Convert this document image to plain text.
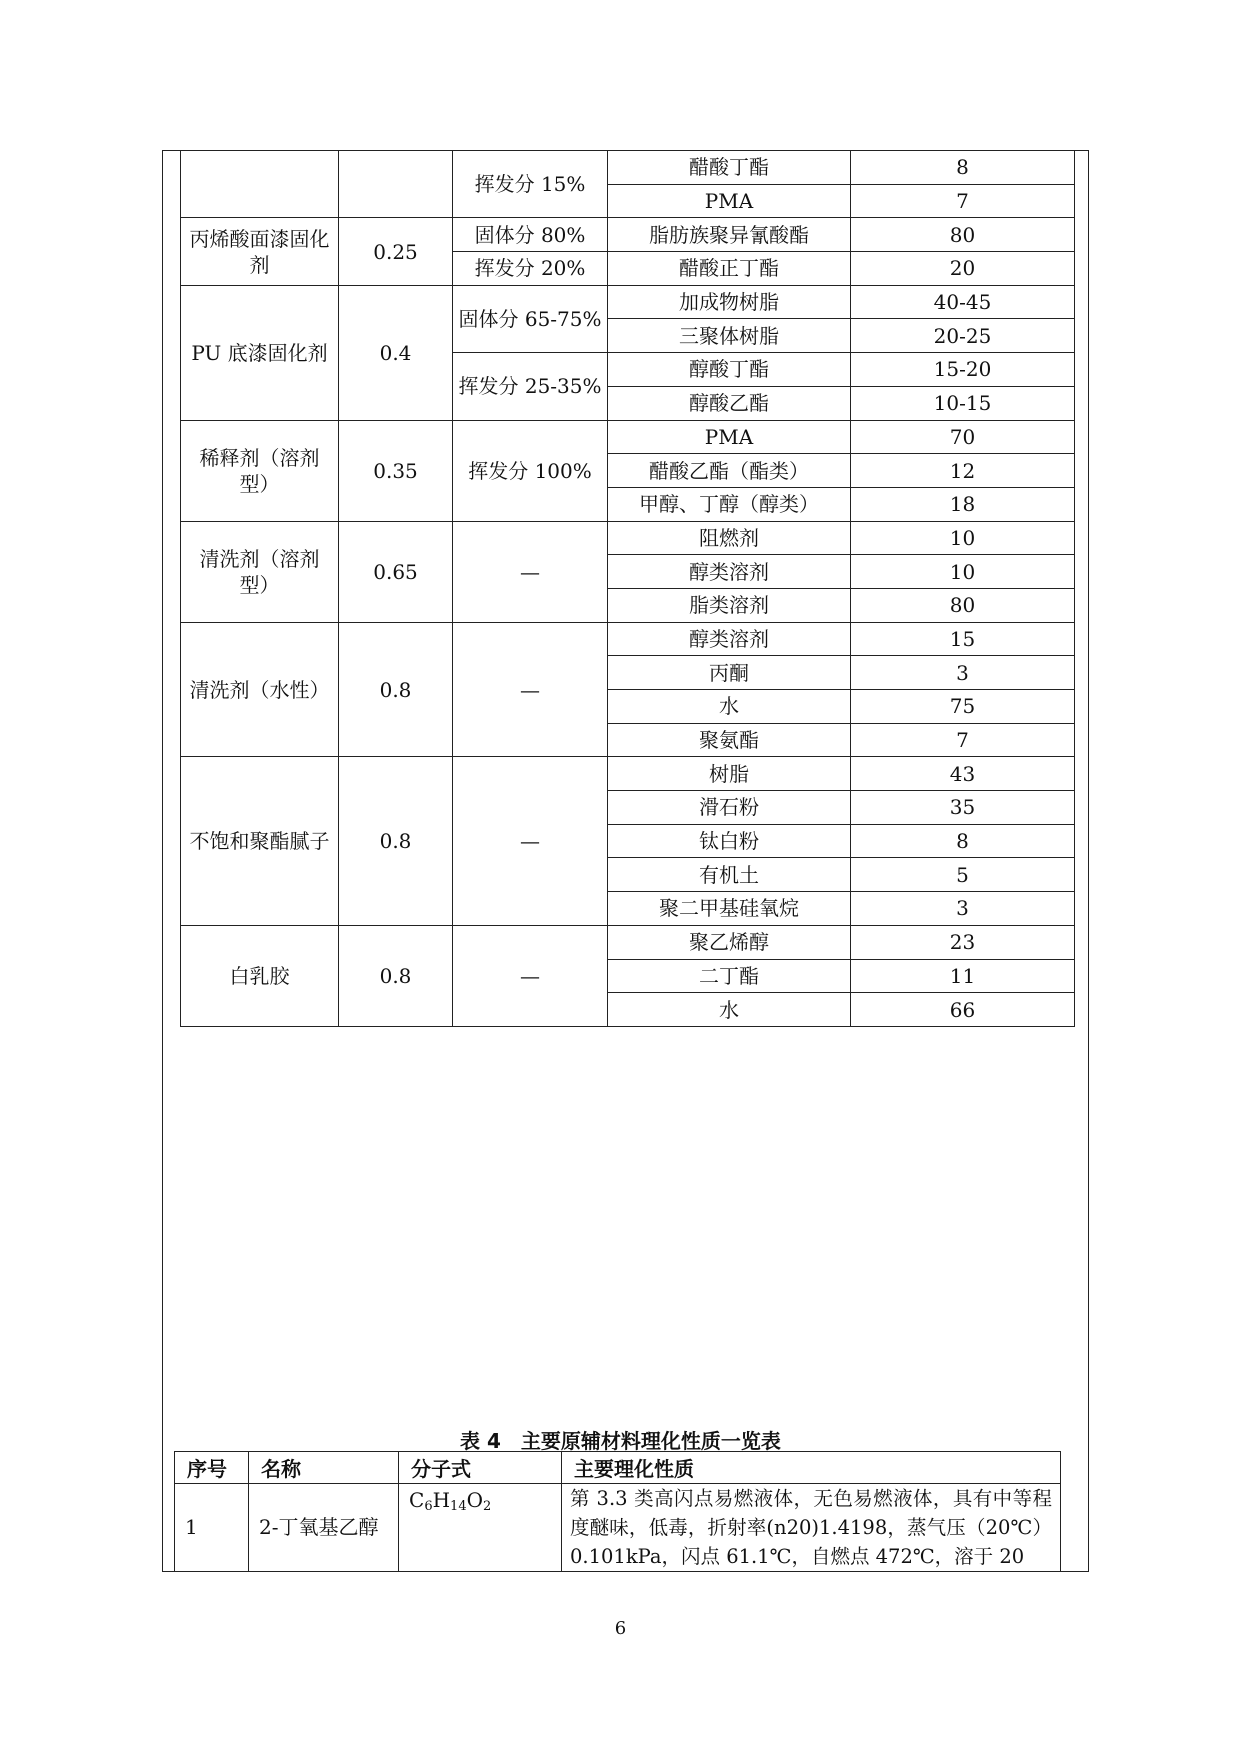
		挥发分 15%	醋酸丁酯	8
			PMA	7
丙烯酸面漆固化剂	0.25	固体分 80%	脂肪族聚异氰酸酯	80
		挥发分 20%	醋酸正丁酯	20
PU 底漆固化剂	0.4	固体分 65-75%	加成物树脂	40-45
			三聚体树脂	20-25
		挥发分 25-35%	醇酸丁酯	15-20
			醇酸乙酯	10-15
稀释剂（溶剂型）	0.35	挥发分 100%	PMA	70
			醋酸乙酯（酯类）	12
			甲醇、丁醇（醇类）	18
清洗剂（溶剂型）	0.65	—	阻燃剂	10
			醇类溶剂	10
			脂类溶剂	80
清洗剂（水性）	0.8	—	醇类溶剂	15
			丙酮	3
			水	75
			聚氨酯	7
不饱和聚酯腻子	0.8	—	树脂	43
			滑石粉	35
			钛白粉	8
			有机土	5
			聚二甲基硅氧烷	3
白乳胶	0.8	—	聚乙烯醇	23
			二丁酯	11
			水	66
表 4　主要原辅材料理化性质一览表
序号	名称	分子式	主要理化性质
1	2-丁氧基乙醇	$C_6H_{14}O_2$	第 3.3 类高闪点易燃液体，无色易燃液体，具有中等程度醚味，低毒，折射率(n20)1.4198，蒸气压（20℃）0.101kPa，闪点 61.1℃，自燃点 472℃，溶于 20
6
